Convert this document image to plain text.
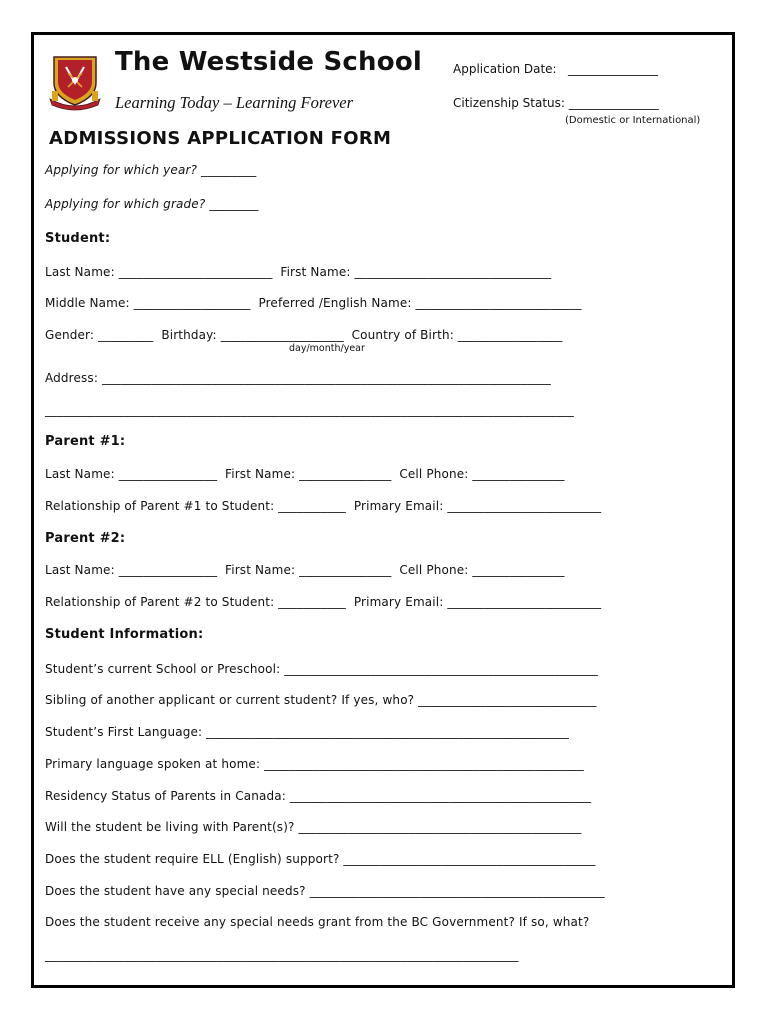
The Westside School
Learning Today – Learning Forever
Application Date:   _______________
Citizenship Status: _______________
(Domestic or International)
ADMISSIONS APPLICATION FORM
Applying for which year? _________
Applying for which grade? ________
Student:
Last Name: _________________________  First Name: ________________________________
Middle Name: ___________________  Preferred /English Name: ___________________________
Gender: _________  Birthday: ____________________  Country of Birth: _________________
day/month/year
Address: _________________________________________________________________________
______________________________________________________________________________________
Parent #1:
Last Name: ________________  First Name: _______________  Cell Phone: _______________
Relationship of Parent #1 to Student: ___________  Primary Email: _________________________
Parent #2:
Last Name: ________________  First Name: _______________  Cell Phone: _______________
Relationship of Parent #2 to Student: ___________  Primary Email: _________________________
Student Information:
Student’s current School or Preschool: ___________________________________________________
Sibling of another applicant or current student? If yes, who? _____________________________
Student’s First Language: ___________________________________________________________
Primary language spoken at home: ____________________________________________________
Residency Status of Parents in Canada: _________________________________________________
Will the student be living with Parent(s)? ______________________________________________
Does the student require ELL (English) support? _________________________________________
Does the student have any special needs? ________________________________________________
Does the student receive any special needs grant from the BC Government? If so, what?
_____________________________________________________________________________
